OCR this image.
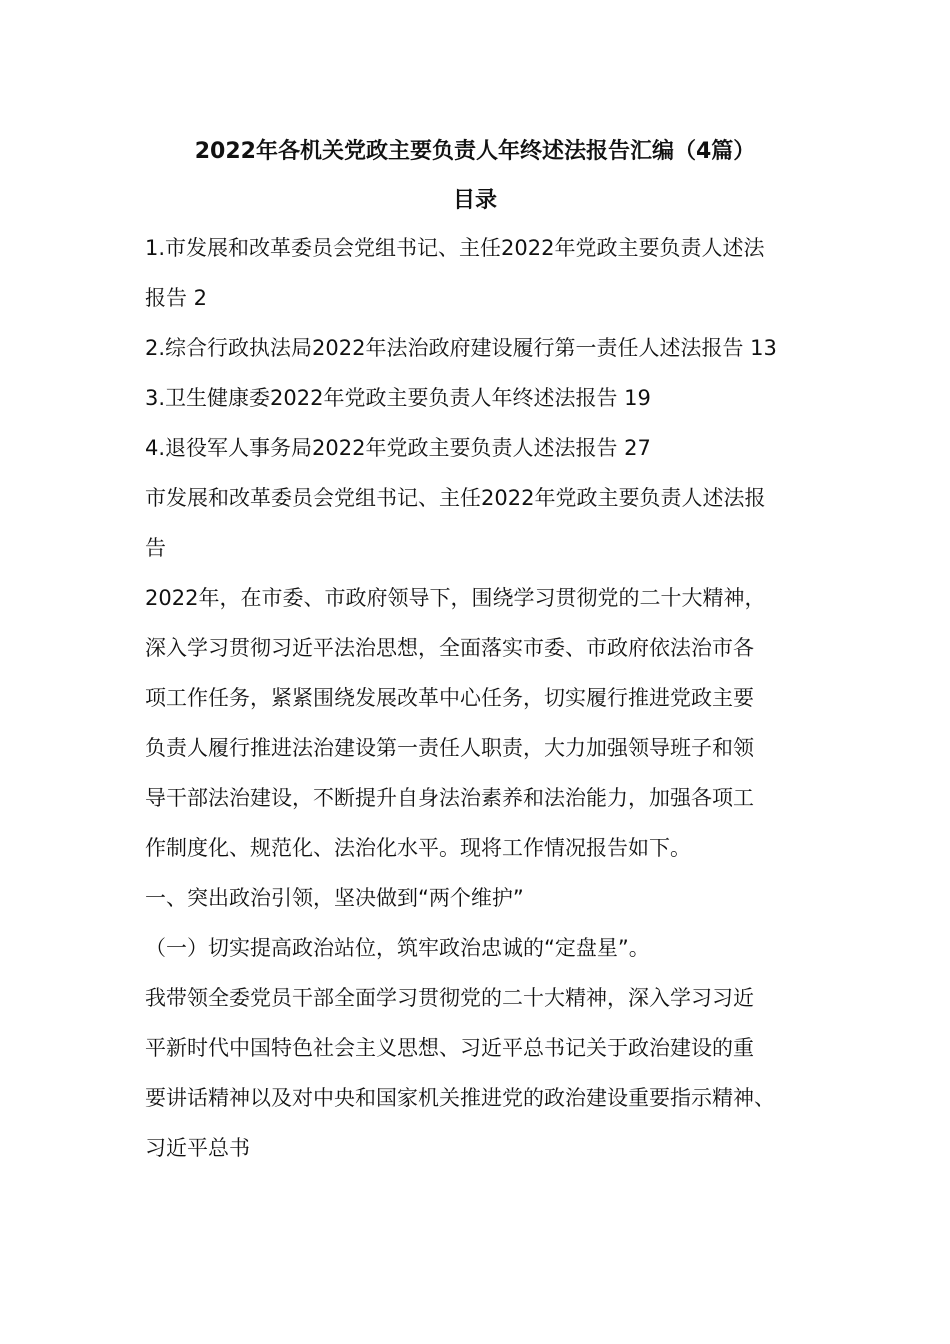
2022年各机关党政主要负责人年终述法报告汇编（4篇）
目录
1.市发展和改革委员会党组书记、主任2022年党政主要负责人述法
报告 2
2.综合行政执法局2022年法治政府建设履行第一责任人述法报告 13
3.卫生健康委2022年党政主要负责人年终述法报告 19
4.退役军人事务局2022年党政主要负责人述法报告 27
市发展和改革委员会党组书记、主任2022年党政主要负责人述法报
告
2022年，在市委、市政府领导下，围绕学习贯彻党的二十大精神，
深入学习贯彻习近平法治思想，全面落实市委、市政府依法治市各
项工作任务，紧紧围绕发展改革中心任务，切实履行推进党政主要
负责人履行推进法治建设第一责任人职责，大力加强领导班子和领
导干部法治建设，不断提升自身法治素养和法治能力，加强各项工
作制度化、规范化、法治化水平。现将工作情况报告如下。
一、突出政治引领，坚决做到“两个维护”
（一）切实提高政治站位，筑牢政治忠诚的“定盘星”。
我带领全委党员干部全面学习贯彻党的二十大精神，深入学习习近
平新时代中国特色社会主义思想、习近平总书记关于政治建设的重
要讲话精神以及对中央和国家机关推进党的政治建设重要指示精神、
习近平总书
